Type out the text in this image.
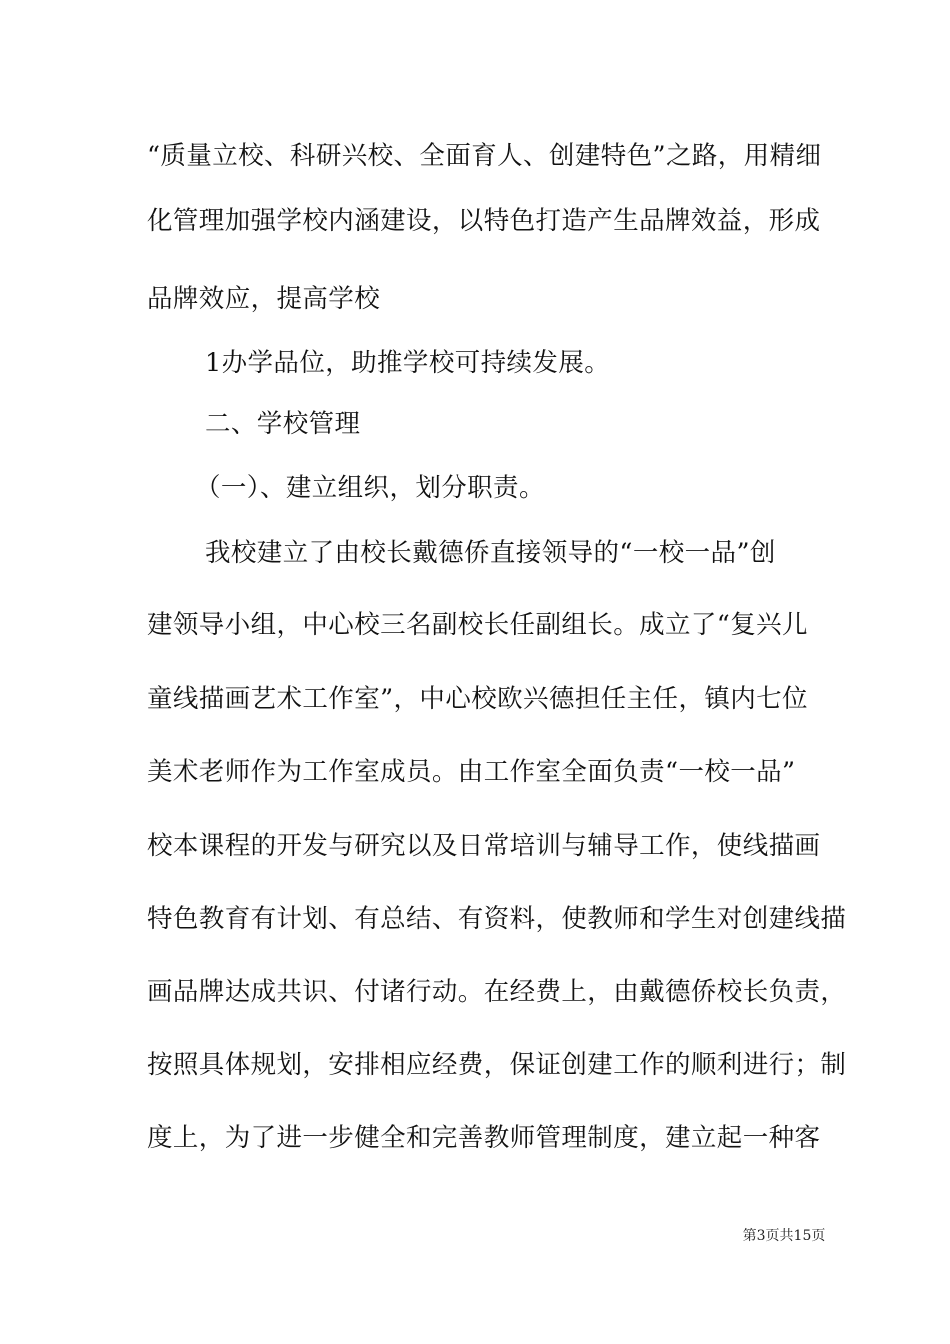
“质量立校、科研兴校、全面育人、创建特色”之路，用精细
化管理加强学校内涵建设，以特色打造产生品牌效益，形成
品牌效应，提高学校
1办学品位，助推学校可持续发展。
二、学校管理
（一）、建立组织，划分职责。
我校建立了由校长戴德侨直接领导的“一校一品”创
建领导小组，中心校三名副校长任副组长。成立了“复兴儿
童线描画艺术工作室”，中心校欧兴德担任主任，镇内七位
美术老师作为工作室成员。由工作室全面负责“一校一品”
校本课程的开发与研究以及日常培训与辅导工作，使线描画
特色教育有计划、有总结、有资料，使教师和学生对创建线描
画品牌达成共识、付诸行动。在经费上，由戴德侨校长负责，
按照具体规划，安排相应经费，保证创建工作的顺利进行；制
度上，为了进一步健全和完善教师管理制度，建立起一种客
第3页共15页
